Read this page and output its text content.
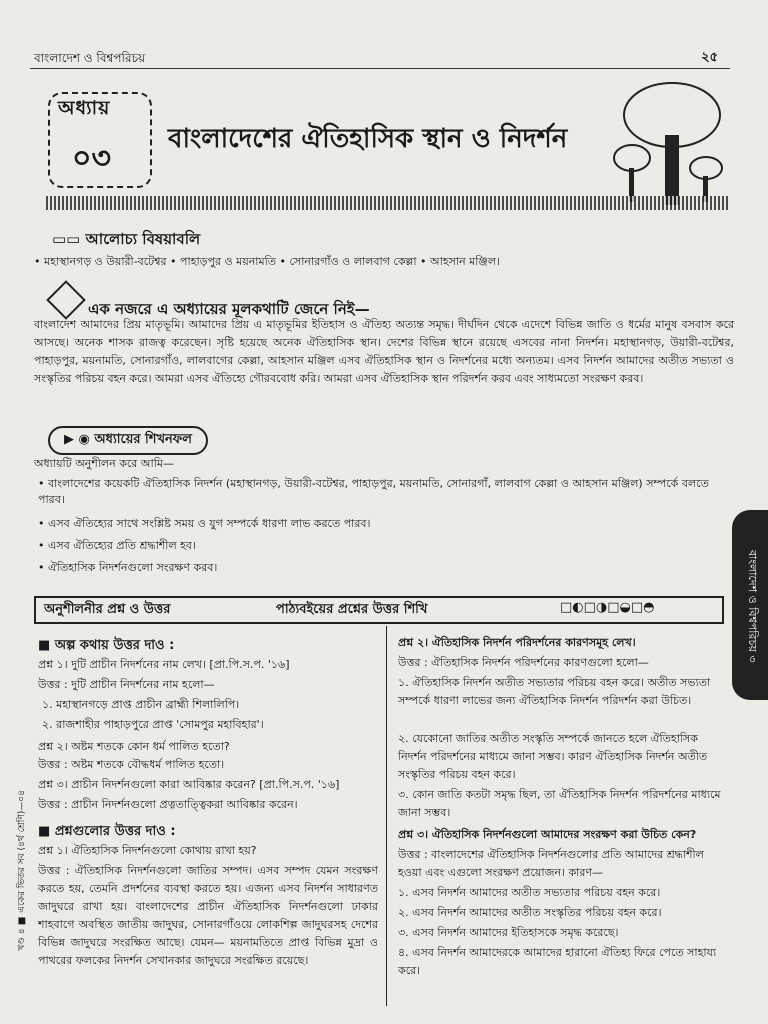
বাংলাদেশ ও বিশ্বপরিচয়	২৫
অধ্যায়
০৩
বাংলাদেশের ঐতিহাসিক স্থান ও নিদর্শন
▭▭ আলোচ্য বিষয়াবলি
• মহাস্থানগড় ও উয়ারী-বটেশ্বর • পাহাড়পুর ও ময়নামতি • সোনারগাঁও ও লালবাগ কেল্লা • আহসান মঞ্জিল।
এক নজরে এ অধ্যায়ের মূলকথাটি জেনে নিই—

বাংলাদেশ আমাদের প্রিয় মাতৃভূমি। আমাদের প্রিয় এ মাতৃভূমির ইতিহাস ও ঐতিহ্য অত্যন্ত সমৃদ্ধ। দীর্ঘদিন থেকে এদেশে বিভিন্ন জাতি ও ধর্মের মানুষ বসবাস করে আসছে। অনেক শাসক রাজত্ব করেছেন। সৃষ্টি হয়েছে অনেক ঐতিহাসিক স্থান। দেশের বিভিন্ন স্থানে রয়েছে এসবের নানা নিদর্শন। মহাস্থানগড়, উয়ারী-বটেশ্বর, পাহাড়পুর, ময়নামতি, সোনারগাঁও, লালবাগের কেল্লা, আহসান মঞ্জিল এসব ঐতিহাসিক স্থান ও নিদর্শনের মধ্যে অন্যতম। এসব নিদর্শন আমাদের অতীত সভ্যতা ও সংস্কৃতির পরিচয় বহন করে। আমরা এসব ঐতিহ্যে গৌরববোধ করি। আমরা এসব ঐতিহাসিক স্থান পরিদর্শন করব এবং সাধ্যমতো সংরক্ষণ করব।

▶ ◉ অধ্যায়ের শিখনফল
অধ্যায়টি অনুশীলন করে আমি—
• বাংলাদেশের কয়েকটি ঐতিহাসিক নিদর্শন (মহাস্থানগড়, উয়ারী-বটেশ্বর, পাহাড়পুর, ময়নামতি, সোনারগাঁ, লালবাগ কেল্লা ও আহসান মঞ্জিল) সম্পর্কে বলতে পারব।
• এসব ঐতিহ্যের সাথে সংশ্লিষ্ট সময় ও যুগ সম্পর্কে ধারণা লাভ করতে পারব।
• এসব ঐতিহ্যের প্রতি শ্রদ্ধাশীল হব।
• ঐতিহাসিক নিদর্শনগুলো সংরক্ষণ করব।
অনুশীলনীর প্রশ্ন ও উত্তর	পাঠ্যবইয়ের প্রশ্নের উত্তর শিখি	□◐□◑□◒□◓
■ অল্প কথায় উত্তর দাও :
প্রশ্ন ১। দুটি প্রাচীন নিদর্শনের নাম লেখ। [প্রা.পি.স.প. '১৬]
উত্তর : দুটি প্রাচীন নিদর্শনের নাম হলো—
১. মহাস্থানগড়ে প্রাপ্ত প্রাচীন ব্রাহ্মী শিলালিপি।
২. রাজশাহীর পাহাড়পুরে প্রাপ্ত 'সোমপুর মহাবিহার'।
প্রশ্ন ২। অষ্টম শতকে কোন ধর্ম পালিত হতো?
উত্তর : অষ্টম শতকে বৌদ্ধধর্ম পালিত হতো।
প্রশ্ন ৩। প্রাচীন নিদর্শনগুলো কারা আবিষ্কার করেন? [প্রা.পি.স.প. '১৬]
উত্তর : প্রাচীন নিদর্শনগুলো প্রত্নতাত্ত্বিকরা আবিষ্কার করেন।
■ প্রশ্নগুলোর উত্তর দাও :
প্রশ্ন ১। ঐতিহাসিক নিদর্শনগুলো কোথায় রাখা হয়?
উত্তর : ঐতিহাসিক নিদর্শনগুলো জাতির সম্পদ। এসব সম্পদ যেমন সংরক্ষণ করতে হয়, তেমনি প্রদর্শনের ব্যবস্থা করতে হয়। এজন্য এসব নিদর্শন সাধারণত জাদুঘরে রাখা হয়। বাংলাদেশের প্রাচীন ঐতিহাসিক নিদর্শনগুলো ঢাকার শাহবাগে অবস্থিত জাতীয় জাদুঘর, সোনারগাঁওয়ে লোকশিল্প জাদুঘরসহ দেশের বিভিন্ন জাদুঘরে সংরক্ষিত আছে। যেমন— ময়নামতিতে প্রাপ্ত বিভিন্ন মুদ্রা ও পাথরের ফলকের নিদর্শন সেখানকার জাদুঘরে সংরক্ষিত রয়েছে।
প্রশ্ন ২। ঐতিহাসিক নিদর্শন পরিদর্শনের কারণসমূহ লেখ।
উত্তর : ঐতিহাসিক নিদর্শন পরিদর্শনের কারণগুলো হলো—
১. ঐতিহাসিক নিদর্শন অতীত সভ্যতার পরিচয় বহন করে। অতীত সভ্যতা সম্পর্কে ধারণা লাভের জন্য ঐতিহাসিক নিদর্শন পরিদর্শন করা উচিত।
২. যেকোনো জাতির অতীত সংস্কৃতি সম্পর্কে জানতে হলে ঐতিহাসিক নিদর্শন পরিদর্শনের মাধ্যমে জানা সম্ভব। কারণ ঐতিহাসিক নিদর্শন অতীত সংস্কৃতির পরিচয় বহন করে।
৩. কোন জাতি কতটা সমৃদ্ধ ছিল, তা ঐতিহাসিক নিদর্শন পরিদর্শনের মাধ্যমে জানা সম্ভব।
প্রশ্ন ৩। ঐতিহাসিক নিদর্শনগুলো আমাদের সংরক্ষণ করা উচিত কেন?
উত্তর : বাংলাদেশের ঐতিহাসিক নিদর্শনগুলোর প্রতি আমাদের শ্রদ্ধাশীল হওয়া এবং এগুলো সংরক্ষণ প্রয়োজন। কারণ—
১. এসব নিদর্শন আমাদের অতীত সভ্যতার পরিচয় বহন করে।
২. এসব নিদর্শন আমাদের অতীত সংস্কৃতির পরিচয় বহন করে।
৩. এসব নিদর্শন আমাদের ইতিহাসকে সমৃদ্ধ করেছে।
৪. এসব নিদর্শন আমাদেরকে আমাদের হারানো ঐতিহ্য ফিরে পেতে সাহায্য করে।
বাংলাদেশ ও বিশ্বপরিচয় ৩
খণ্ড ৪ ■ একের ভিতর সব (৪র্থ শ্রেণি)—০৪
